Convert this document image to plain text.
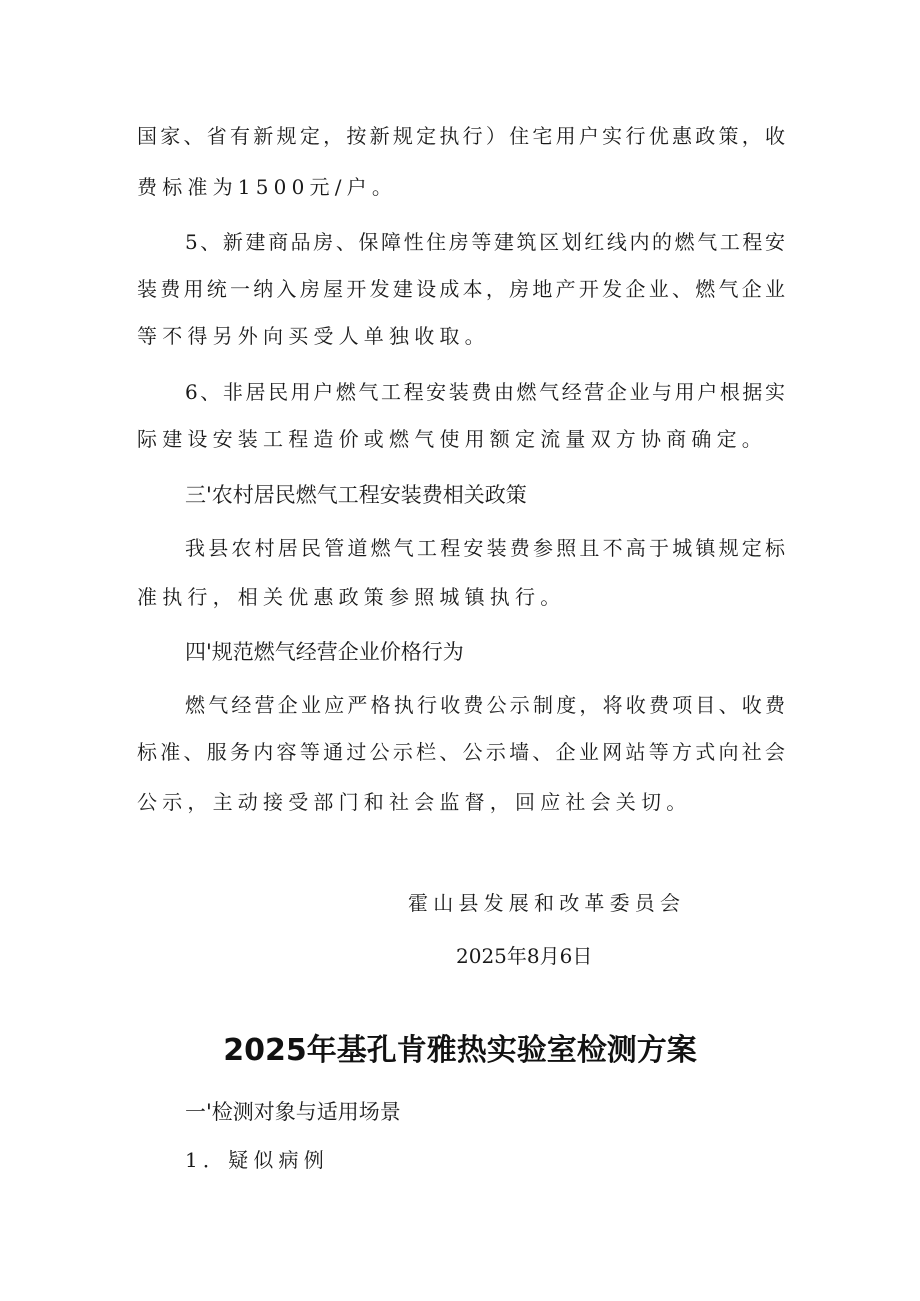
国家、省有新规定，按新规定执行）住宅用户实行优惠政策，收

费标准为1500元/户。

5、新建商品房、保障性住房等建筑区划红线内的燃气工程安

装费用统一纳入房屋开发建设成本，房地产开发企业、燃气企业

等不得另外向买受人单独收取。

6、非居民用户燃气工程安装费由燃气经营企业与用户根据实

际建设安装工程造价或燃气使用额定流量双方协商确定。

三'农村居民燃气工程安装费相关政策

我县农村居民管道燃气工程安装费参照且不高于城镇规定标

准执行，相关优惠政策参照城镇执行。

四'规范燃气经营企业价格行为

燃气经营企业应严格执行收费公示制度，将收费项目、收费

标准、服务内容等通过公示栏、公示墙、企业网站等方式向社会

公示，主动接受部门和社会监督，回应社会关切。

霍山县发展和改革委员会

2025年8月6日

2025年基孔肯雅热实验室检测方案

一'检测对象与适用场景

1．疑似病例
